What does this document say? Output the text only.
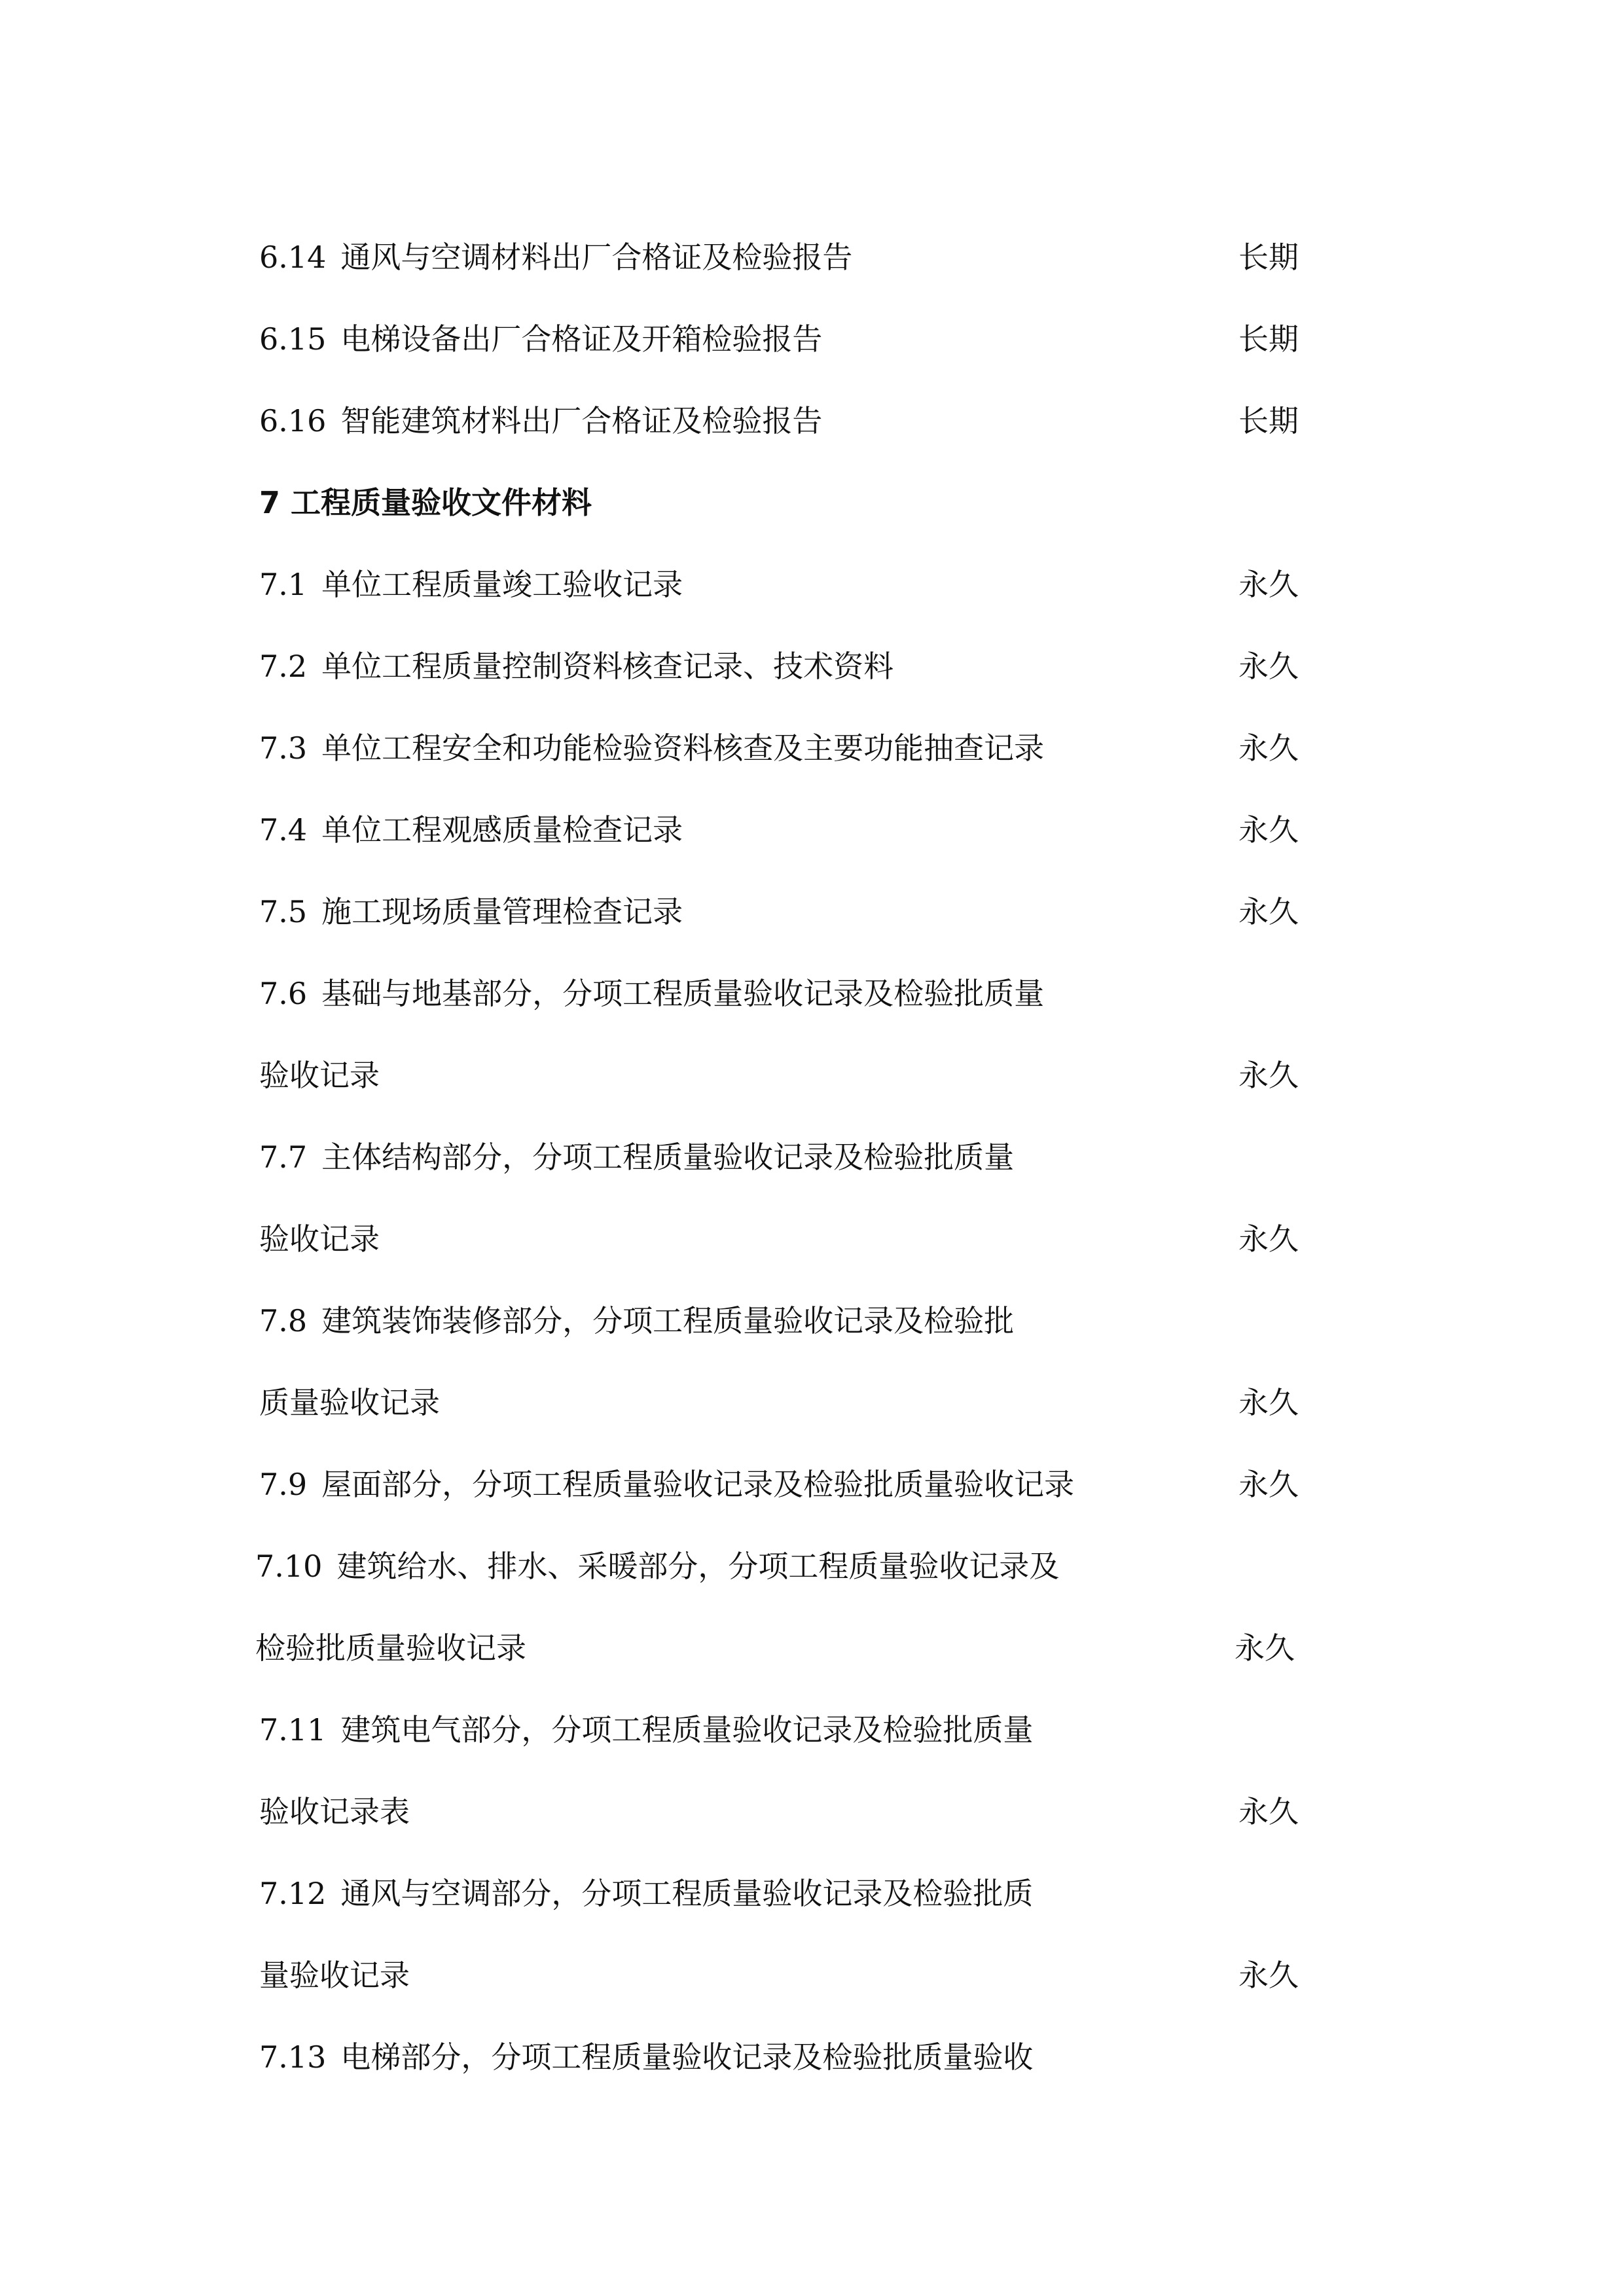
6.14 通风与空调材料出厂合格证及检验报告	长期
6.15 电梯设备出厂合格证及开箱检验报告	长期
6.16 智能建筑材料出厂合格证及检验报告	长期
7 工程质量验收文件材料
7.1 单位工程质量竣工验收记录	永久
7.2 单位工程质量控制资料核查记录、技术资料	永久
7.3 单位工程安全和功能检验资料核查及主要功能抽查记录	永久
7.4 单位工程观感质量检查记录	永久
7.5 施工现场质量管理检查记录	永久
7.6 基础与地基部分，分项工程质量验收记录及检验批质量
验收记录	永久
7.7 主体结构部分，分项工程质量验收记录及检验批质量
验收记录	永久
7.8 建筑装饰装修部分，分项工程质量验收记录及检验批
质量验收记录	永久
7.9 屋面部分，分项工程质量验收记录及检验批质量验收记录	永久
7.10 建筑给水、排水、采暖部分，分项工程质量验收记录及
检验批质量验收记录	永久
7.11 建筑电气部分，分项工程质量验收记录及检验批质量
验收记录表	永久
7.12 通风与空调部分，分项工程质量验收记录及检验批质
量验收记录	永久
7.13 电梯部分，分项工程质量验收记录及检验批质量验收
